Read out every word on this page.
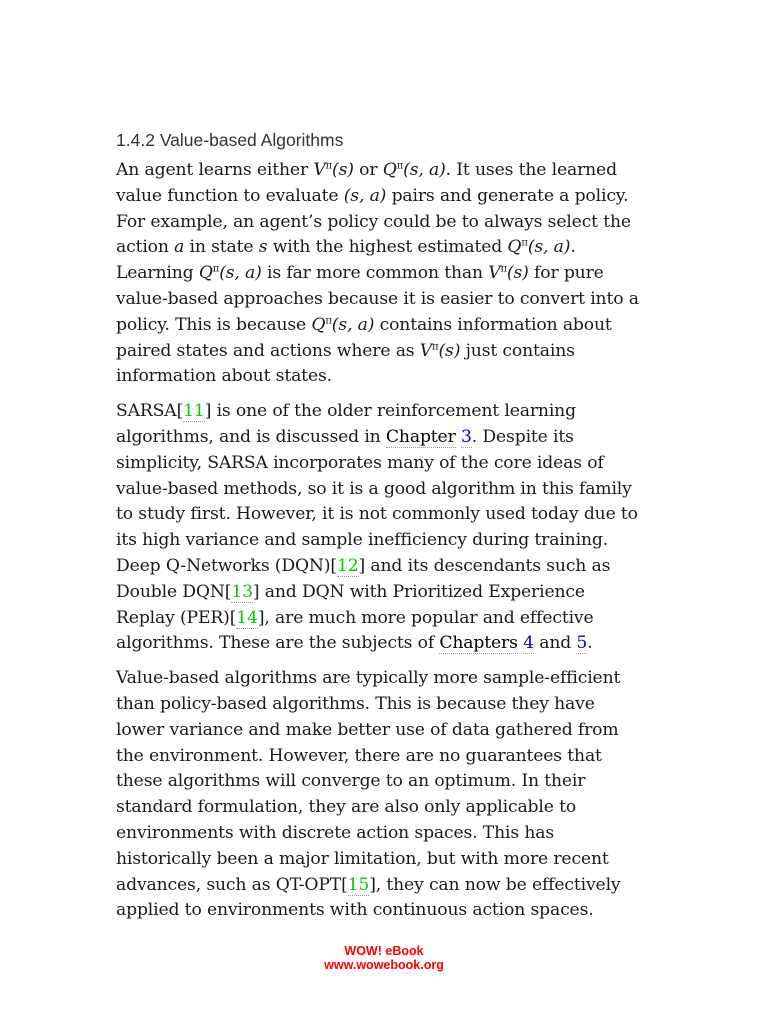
1.4.2 Value-based Algorithms

An agent learns either $V^\pi(s)$ or $Q^\pi(s$, a). It uses the learned value function to evaluate (s, a) pairs and generate a policy. For example, an agent’s policy could be to always select the action a in state s with the highest estimated $Q^\pi(s$, a). Learning $Q^\pi(s$, a) is far more common than $V^\pi(s)$ for pure value-based approaches because it is easier to convert into a policy. This is because $Q^\pi(s$, a) contains information about paired states and actions where as $V^\pi(s)$ just contains information about states.

SARSA[11] is one of the older reinforcement learning algorithms, and is discussed in Chapter 3. Despite its simplicity, SARSA incorporates many of the core ideas of value-based methods, so it is a good algorithm in this family to study first. However, it is not commonly used today due to its high variance and sample inefficiency during training. Deep Q-Networks (DQN)[12] and its descendants such as Double DQN[13] and DQN with Prioritized Experience Replay (PER)[14], are much more popular and effective algorithms. These are the subjects of Chapters 4 and 5.

Value-based algorithms are typically more sample-efficient than policy-based algorithms. This is because they have lower variance and make better use of data gathered from the environment. However, there are no guarantees that these algorithms will converge to an optimum. In their standard formulation, they are also only applicable to environments with discrete action spaces. This has historically been a major limitation, but with more recent advances, such as QT-OPT[15], they can now be effectively applied to environments with continuous action spaces.

WOW! eBook
www.wowebook.org
